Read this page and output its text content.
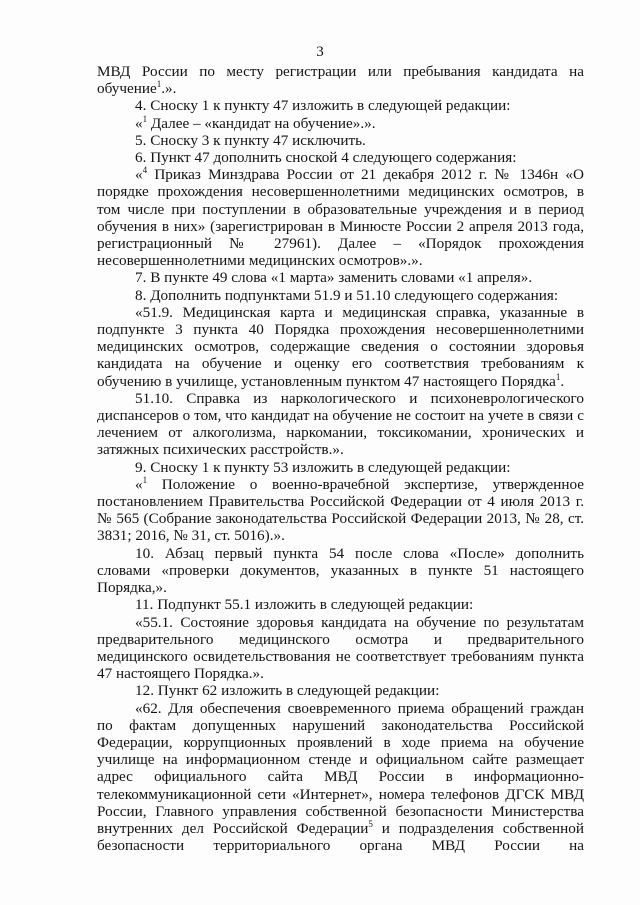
3

МВД России по месту регистрации или пребывания кандидата на обучение$^1$.».

4. Сноску 1 к пункту 47 изложить в следующей редакции:

«$^1$ Далее – «кандидат на обучение».».

5. Сноску 3 к пункту 47 исключить.

6. Пункт 47 дополнить сноской 4 следующего содержания:

«$^4$ Приказ Минздрава России от 21 декабря 2012 г. № 1346н «О порядке прохождения несовершеннолетними медицинских осмотров, в том числе при поступлении в образовательные учреждения и в период обучения в них» (зарегистрирован в Минюсте России 2 апреля 2013 года, регистрационный № 27961). Далее – «Порядок прохождения несовершеннолетними медицинских осмотров».».

7. В пункте 49 слова «1 марта» заменить словами «1 апреля».

8. Дополнить подпунктами 51.9 и 51.10 следующего содержания:

«51.9. Медицинская карта и медицинская справка, указанные в подпункте 3 пункта 40 Порядка прохождения несовершеннолетними медицинских осмотров, содержащие сведения о состоянии здоровья кандидата на обучение и оценку его соответствия требованиям к обучению в училище, установленным пунктом 47 настоящего Порядка$^1$.

51.10. Справка из наркологического и психоневрологического диспансеров о том, что кандидат на обучение не состоит на учете в связи с лечением от алкоголизма, наркомании, токсикомании, хронических и затяжных психических расстройств.».

9. Сноску 1 к пункту 53 изложить в следующей редакции:

«$^1$ Положение о военно-врачебной экспертизе, утвержденное постановлением Правительства Российской Федерации от 4 июля 2013 г. № 565 (Собрание законодательства Российской Федерации 2013, № 28, ст. 3831; 2016, № 31, ст. 5016).».

10. Абзац первый пункта 54 после слова «После» дополнить словами «проверки документов, указанных в пункте 51 настоящего Порядка,».

11. Подпункт 55.1 изложить в следующей редакции:

«55.1. Состояние здоровья кандидата на обучение по результатам предварительного медицинского осмотра и предварительного медицинского освидетельствования не соответствует требованиям пункта 47 настоящего Порядка.».

12. Пункт 62 изложить в следующей редакции:

«62. Для обеспечения своевременного приема обращений граждан по фактам допущенных нарушений законодательства Российской Федерации, коррупционных проявлений в ходе приема на обучение училище на информационном стенде и официальном сайте размещает адрес официального сайта МВД России в информационно-телекоммуникационной сети «Интернет», номера телефонов ДГСК МВД России, Главного управления собственной безопасности Министерства внутренних дел Российской Федерации$^5$ и подразделения собственной безопасности территориального органа МВД России на
